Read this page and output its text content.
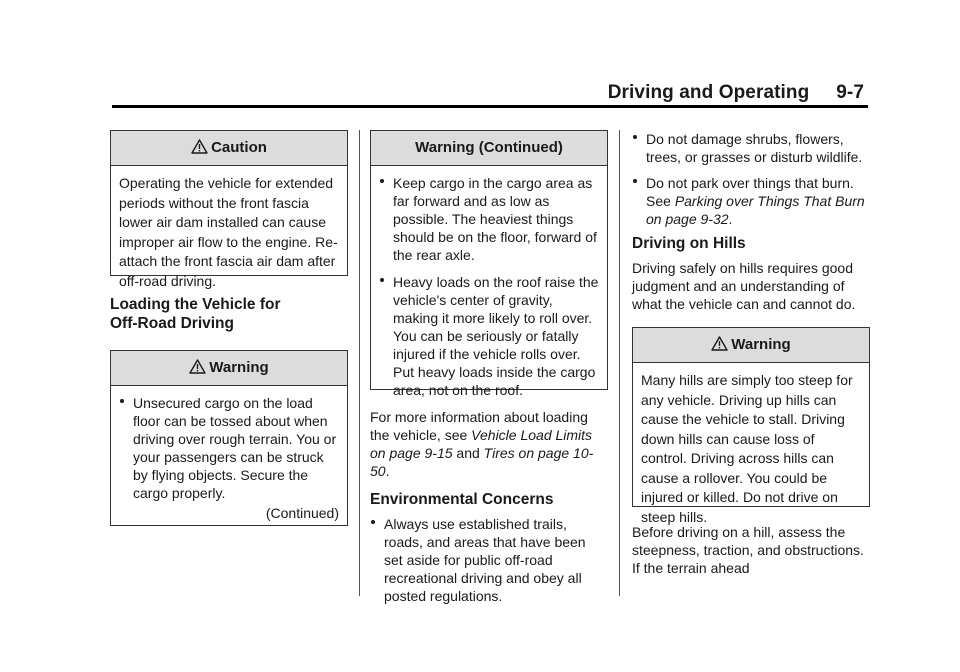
Driving and Operating     9-7
Caution

Operating the vehicle for extended periods without the front fascia lower air dam installed can cause improper air flow to the engine. Re-attach the front fascia air dam after off-road driving.

Loading the Vehicle for Off-Road Driving
Warning
Unsecured cargo on the load floor can be tossed about when driving over rough terrain. You or your passengers can be struck by flying objects. Secure the cargo properly.
(Continued)
Warning (Continued)
Keep cargo in the cargo area as far forward and as low as possible. The heaviest things should be on the floor, forward of the rear axle.
Heavy loads on the roof raise the vehicle's center of gravity, making it more likely to roll over. You can be seriously or fatally injured if the vehicle rolls over. Put heavy loads inside the cargo area, not on the roof.

For more information about loading the vehicle, see Vehicle Load Limits on page 9-15 and Tires on page 10-50.

Environmental Concerns
Always use established trails, roads, and areas that have been set aside for public off-road recreational driving and obey all posted regulations.
Do not damage shrubs, flowers, trees, or grasses or disturb wildlife.
Do not park over things that burn. See Parking over Things That Burn on page 9-32.
Driving on Hills

Driving safely on hills requires good judgment and an understanding of what the vehicle can and cannot do.

Warning

Many hills are simply too steep for any vehicle. Driving up hills can cause the vehicle to stall. Driving down hills can cause loss of control. Driving across hills can cause a rollover. You could be injured or killed. Do not drive on steep hills.

Before driving on a hill, assess the steepness, traction, and obstructions. If the terrain ahead
